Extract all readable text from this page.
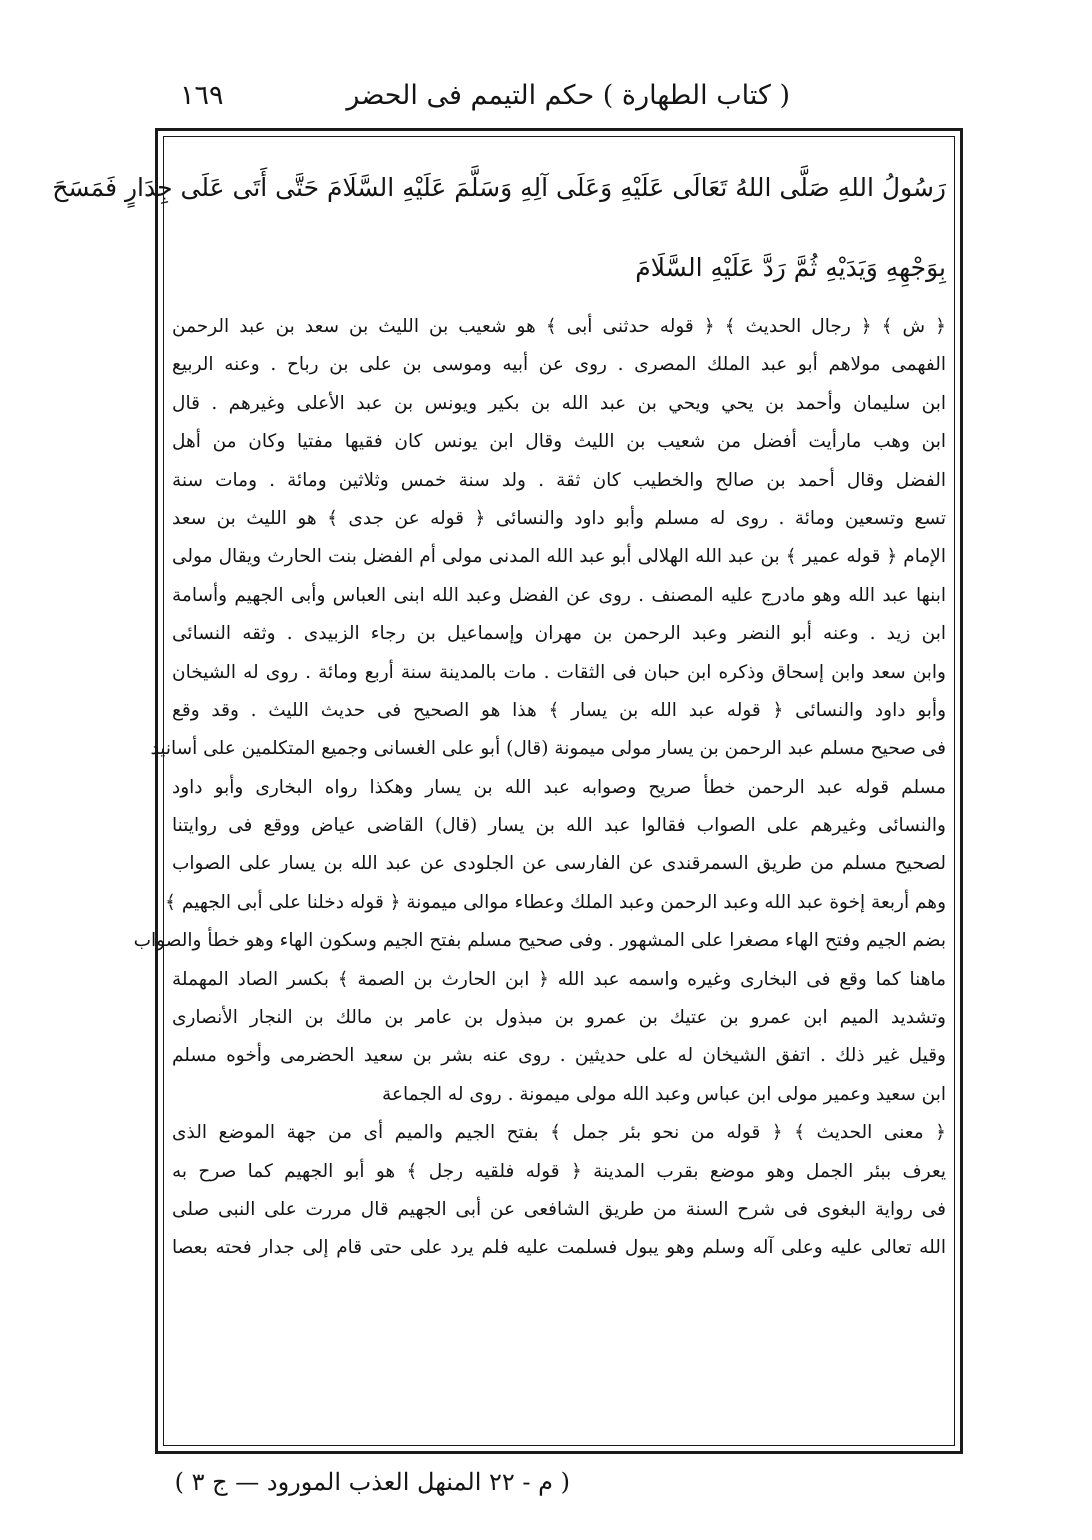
( كتاب الطهارة ) حكم التيمم فى الحضر
١٦٩
رَسُولُ اللهِ صَلَّى اللهُ تَعَالَى عَلَيْهِ وَعَلَى آلِهِ وَسَلَّمَ عَلَيْهِ السَّلَامَ حَتَّى أَتَى عَلَى جِدَارٍ فَمَسَحَ
بِوَجْهِهِ وَيَدَيْهِ ثُمَّ رَدَّ عَلَيْهِ السَّلَامَ
﴿ ش ﴾ ﴿ رجال الحديث ﴾ ﴿ قوله حدثنى أبى ﴾ هو شعيب بن الليث بن سعد بن عبد الرحمن
الفهمى مولاهم أبو عبد الملك المصرى . روى عن أبيه وموسى بن على بن رباح . وعنه الربيع
ابن سليمان وأحمد بن يحي ويحي بن عبد الله بن بكير ويونس بن عبد الأعلى وغيرهم . قال
ابن وهب مارأيت أفضل من شعيب بن الليث وقال ابن يونس كان فقيها مفتيا وكان من أهل
الفضل وقال أحمد بن صالح والخطيب كان ثقة . ولد سنة خمس وثلاثين ومائة . ومات سنة
تسع وتسعين ومائة . روى له مسلم وأبو داود والنسائى ﴿ قوله عن جدى ﴾ هو الليث بن سعد
الإمام ﴿ قوله عمير ﴾ بن عبد الله الهلالى أبو عبد الله المدنى مولى أم الفضل بنت الحارث ويقال مولى
ابنها عبد الله وهو مادرج عليه المصنف . روى عن الفضل وعبد الله ابنى العباس وأبى الجهيم وأسامة
ابن زيد . وعنه أبو النضر وعبد الرحمن بن مهران وإسماعيل بن رجاء الزبيدى . وثقه النسائى
وابن سعد وابن إسحاق وذكره ابن حبان فى الثقات . مات بالمدينة سنة أربع ومائة . روى له الشيخان
وأبو داود والنسائى ﴿ قوله عبد الله بن يسار ﴾ هذا هو الصحيح فى حديث الليث . وقد وقع
فى صحيح مسلم عبد الرحمن بن يسار مولى ميمونة (قال) أبو على الغسانى وجميع المتكلمين على أسانيد
مسلم قوله عبد الرحمن خطأ صريح وصوابه عبد الله بن يسار وهكذا رواه البخارى وأبو داود
والنسائى وغيرهم على الصواب فقالوا عبد الله بن يسار (قال) القاضى عياض ووقع فى روايتنا
لصحيح مسلم من طريق السمرقندى عن الفارسى عن الجلودى عن عبد الله بن يسار على الصواب
وهم أربعة إخوة عبد الله وعبد الرحمن وعبد الملك وعطاء موالى ميمونة ﴿ قوله دخلنا على أبى الجهيم ﴾
بضم الجيم وفتح الهاء مصغرا على المشهور . وفى صحيح مسلم بفتح الجيم وسكون الهاء وهو خطأ والصواب
ماهنا كما وقع فى البخارى وغيره واسمه عبد الله ﴿ ابن الحارث بن الصمة ﴾ بكسر الصاد المهملة
وتشديد الميم ابن عمرو بن عتيك بن عمرو بن مبذول بن عامر بن مالك بن النجار الأنصارى
وقيل غير ذلك . اتفق الشيخان له على حديثين . روى عنه بشر بن سعيد الحضرمى وأخوه مسلم
ابن سعيد وعمير مولى ابن عباس وعبد الله مولى ميمونة . روى له الجماعة
﴿ معنى الحديث ﴾ ﴿ قوله من نحو بئر جمل ﴾ بفتح الجيم والميم أى من جهة الموضع الذى
يعرف ببئر الجمل وهو موضع بقرب المدينة ﴿ قوله فلقيه رجل ﴾ هو أبو الجهيم كما صرح به
فى رواية البغوى فى شرح السنة من طريق الشافعى عن أبى الجهيم قال مررت على النبى صلى
الله تعالى عليه وعلى آله وسلم وهو يبول فسلمت عليه فلم يرد على حتى قام إلى جدار فحته بعصا
( م - ٢٢ المنهل العذب المورود — ج ٣ )
